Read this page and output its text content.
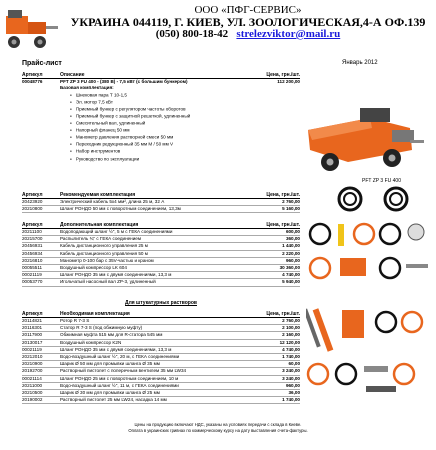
ООО «ПФГ-СЕРВИС»
УКРАИНА 044119, Г. КИЕВ, УЛ. ЗООЛОГИЧЕСКАЯ,4-А ОФ.139
(050) 800-18-42 strelezviktor@mail.ru
Прайс-лист	Январь 2012
Артикул	Описание	Цена, грн./шт.
00048776	PFT ZP 3 FU 400 - (380 В) - 7,5 кВт (с большим бункером)	112 200,00
Базовая комплектация:
● Шнековая пара Т 10-1,5
● Эл. мотор 7,5 кВт
● Приемный бункер с регулятором частоты оборотов
● Приемный бункер с защитной решеткой, удлиненный
● Смесительный вал, удлиненный
● Напорный фланец 50 мм
● Манометр давления растворной смеси 50 мм
● Переходник редукционный 35 мм М / 50 мм V
● Набор инструментов
● Руководство по эксплуатации
PFT ZP 3 FU 400
Артикул	Рекомендуемая комплектация	Цена, грн./шт.
20423920	Электрический кабель 5x4 мм², длина 25 м, 32 А	2 760,00
20210800	Шланг РОНДО 50 мм с поворотным соединением, 13,3м	5 160,00
Артикул	Дополнительная комплектация	Цена, грн./шт.
20211100	Водоподающий шланг ½", 5 м с ГЕКА соединениями	600,00
20215700	Распылитель ¾" с ГЕКА соединением	360,00
20456931	Кабель дистанционного управления 25 м	1 440,00
20456934	Кабель дистанционного управления 50 м	2 220,00
20216810	Манометр 0-100 бар с 35V-частью и краном	960,00
00055511	Воздушный компрессор LK 604	30 360,00
00021119	Шланг РОНДО 35 мм с двумя соединениями, 13,3 м	4 740,00
00053770	Игольчатый насосный вал ZP-3, удлиненный	5 940,00
Для штукатурных растворов
Артикул	Необходимая комплектация	Цена, грн./шт.
20114821	Ротор R 7-3 S	2 760,00
20116301	Статор R 7-3 S (под обжимную муфту)	2 100,00
20117900	Обжимная муфта 515 мм для R-статора 545 мм	2 160,00
20130017	Воздушный компрессор K2N	12 120,00
00021119	Шланг РОНДО 35 мм с двумя соединениями, 13,3 м	4 740,00
20212010	Водо-воздушный шланг ½", 20 м, с ГЕКА соединениями	1 740,00
20210900	Шарик Ø 50 мм для промывки шланга Ø 35 мм	60,00
20192700	Растворный пистолет с поперечным вентилем 35 мм LW34	3 240,00
00021114	Шланг РОНДО 25 мм с поворотным соединением, 10 м	3 240,00
20211000	Водо-воздушный шланг ½", 11 м, с ГЕКА соединениями	960,00
20210500	Шарик Ø 30 мм для промывки шланга Ø 25 мм	36,00
20190002	Растворный пистолет 25 мм LW24, насадка 14 мм	1 740,00
Цены на продукцию включают НДС, указаны на условиях передачи с склада в Киеве.
Оплата в украинских гривнах по коммерческому курсу на дату выставления счета-фактуры.
